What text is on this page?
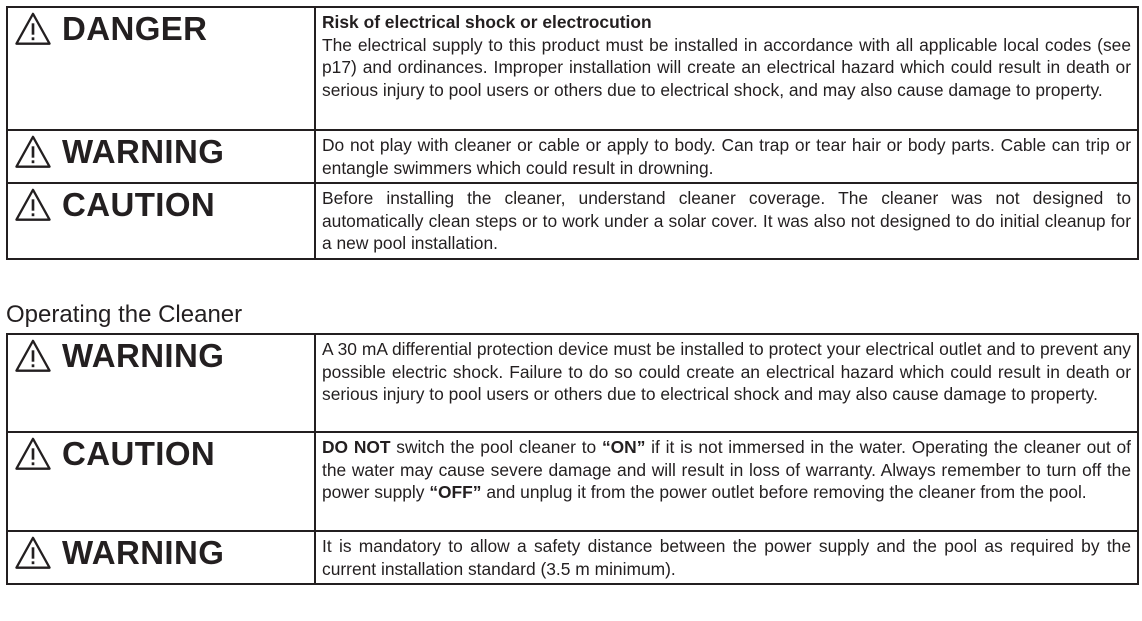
DANGER	Risk of electrical shock or electrocution
The electrical supply to this product must be installed in accordance with all applicable local codes (see p17) and ordinances. Improper installation will create an electrical hazard which could result in death or serious injury to pool users or others due to electrical shock, and may also cause damage to property.

WARNING	Do not play with cleaner or cable or apply to body. Can trap or tear hair or body parts. Cable can trip or entangle swimmers which could result in drowning.

CAUTION	Before installing the cleaner, understand cleaner coverage. The cleaner was not designed to automatically clean steps or to work under a solar cover. It was also not designed to do initial cleanup for a new pool installation.
Operating the Cleaner
WARNING	A 30 mA differential protection device must be installed to protect your electrical outlet and to prevent any possible electric shock. Failure to do so could create an electrical hazard which could result in death or serious injury to pool users or others due to electrical shock and may also cause damage to property.

CAUTION	DO NOT switch the pool cleaner to “ON” if it is not immersed in the water. Operating the cleaner out of the water may cause severe damage and will result in loss of warranty. Always remember to turn off the power supply “OFF” and unplug it from the power outlet before removing the cleaner from the pool.

WARNING	It is mandatory to allow a safety distance between the power supply and the pool as required by the current installation standard (3.5 m minimum).
